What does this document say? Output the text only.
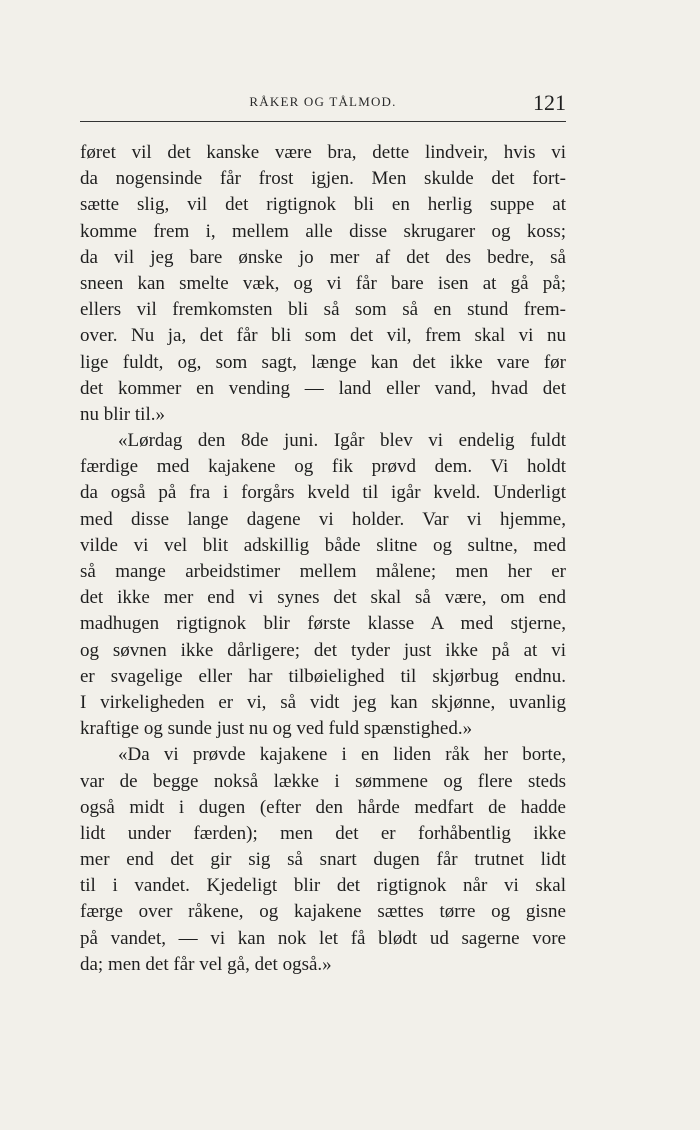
RÅKER OG TÅLMOD.	121
føret vil det kanske være bra, dette lindveir, hvis vi
da nogensinde får frost igjen. Men skulde det fort-
sætte slig, vil det rigtignok bli en herlig suppe at
komme frem i, mellem alle disse skrugarer og koss;
da vil jeg bare ønske jo mer af det des bedre, så
sneen kan smelte væk, og vi får bare isen at gå på;
ellers vil fremkomsten bli så som så en stund frem-
over. Nu ja, det får bli som det vil, frem skal vi nu
lige fuldt, og, som sagt, længe kan det ikke vare før
det kommer en vending — land eller vand, hvad det
nu blir til.»
«Lørdag den 8de juni. Igår blev vi endelig fuldt
færdige med kajakene og fik prøvd dem. Vi holdt
da også på fra i forgårs kveld til igår kveld. Underligt
med disse lange dagene vi holder. Var vi hjemme,
vilde vi vel blit adskillig både slitne og sultne, med
så mange arbeidstimer mellem målene; men her er
det ikke mer end vi synes det skal så være, om end
madhugen rigtignok blir første klasse A med stjerne,
og søvnen ikke dårligere; det tyder just ikke på at vi
er svagelige eller har tilbøielighed til skjørbug endnu.
I virkeligheden er vi, så vidt jeg kan skjønne, uvanlig
kraftige og sunde just nu og ved fuld spænstighed.»
«Da vi prøvde kajakene i en liden råk her borte,
var de begge nokså lække i sømmene og flere steds
også midt i dugen (efter den hårde medfart de hadde
lidt under færden); men det er forhåbentlig ikke
mer end det gir sig så snart dugen får trutnet lidt
til i vandet. Kjedeligt blir det rigtignok når vi skal
færge over råkene, og kajakene sættes tørre og gisne
på vandet, — vi kan nok let få blødt ud sagerne vore
da; men det får vel gå, det også.»
